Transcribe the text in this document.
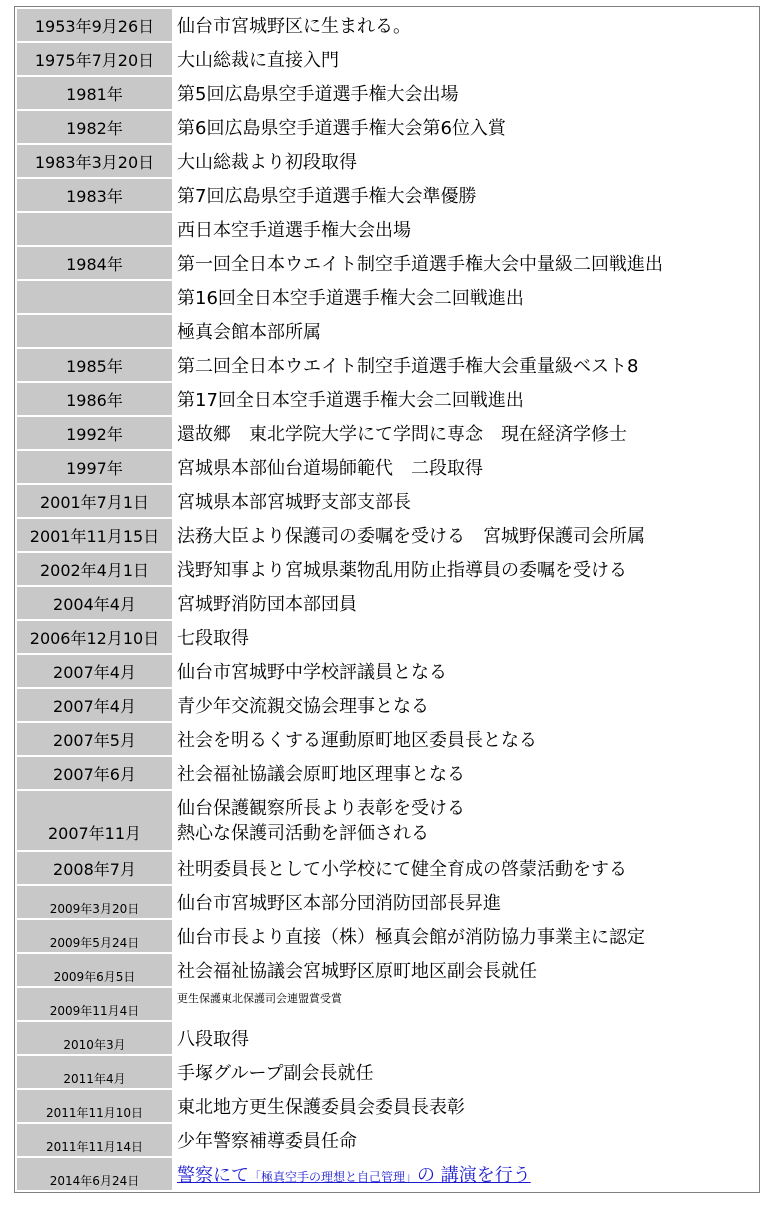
1953年9月26日	仙台市宮城野区に生まれる。
1975年7月20日	大山総裁に直接入門
1981年	第5回広島県空手道選手権大会出場
1982年	第6回広島県空手道選手権大会第6位入賞
1983年3月20日	大山総裁より初段取得
1983年	第7回広島県空手道選手権大会準優勝
	西日本空手道選手権大会出場
1984年	第一回全日本ウエイト制空手道選手権大会中量級二回戦進出
	第16回全日本空手道選手権大会二回戦進出
	極真会館本部所属
1985年	第二回全日本ウエイト制空手道選手権大会重量級ベスト8
1986年	第17回全日本空手道選手権大会二回戦進出
1992年	還故郷　東北学院大学にて学問に専念　現在経済学修士
1997年	宮城県本部仙台道場師範代　二段取得
2001年7月1日	宮城県本部宮城野支部支部長
2001年11月15日	法務大臣より保護司の委嘱を受ける　宮城野保護司会所属
2002年4月1日	浅野知事より宮城県薬物乱用防止指導員の委嘱を受ける
2004年4月	宮城野消防団本部団員
2006年12月10日	七段取得
2007年4月	仙台市宮城野中学校評議員となる
2007年4月	青少年交流親交協会理事となる
2007年5月	社会を明るくする運動原町地区委員長となる
2007年6月	社会福祉協議会原町地区理事となる
2007年11月	仙台保護観察所長より表彰を受ける
熱心な保護司活動を評価される

2008年7月	社明委員長として小学校にて健全育成の啓蒙活動をする
2009年3月20日	仙台市宮城野区本部分団消防団部長昇進
2009年5月24日	仙台市長より直接（株）極真会館が消防協力事業主に認定
2009年6月5日	社会福祉協議会宮城野区原町地区副会長就任
2009年11月4日	更生保護東北保護司会連盟賞受賞
2010年3月	八段取得
2011年4月	手塚グループ副会長就任
2011年11月10日	東北地方更生保護委員会委員長表彰
2011年11月14日	少年警察補導委員任命
2014年6月24日	警察にて「極真空手の理想と自己管理」の 講演を行う
